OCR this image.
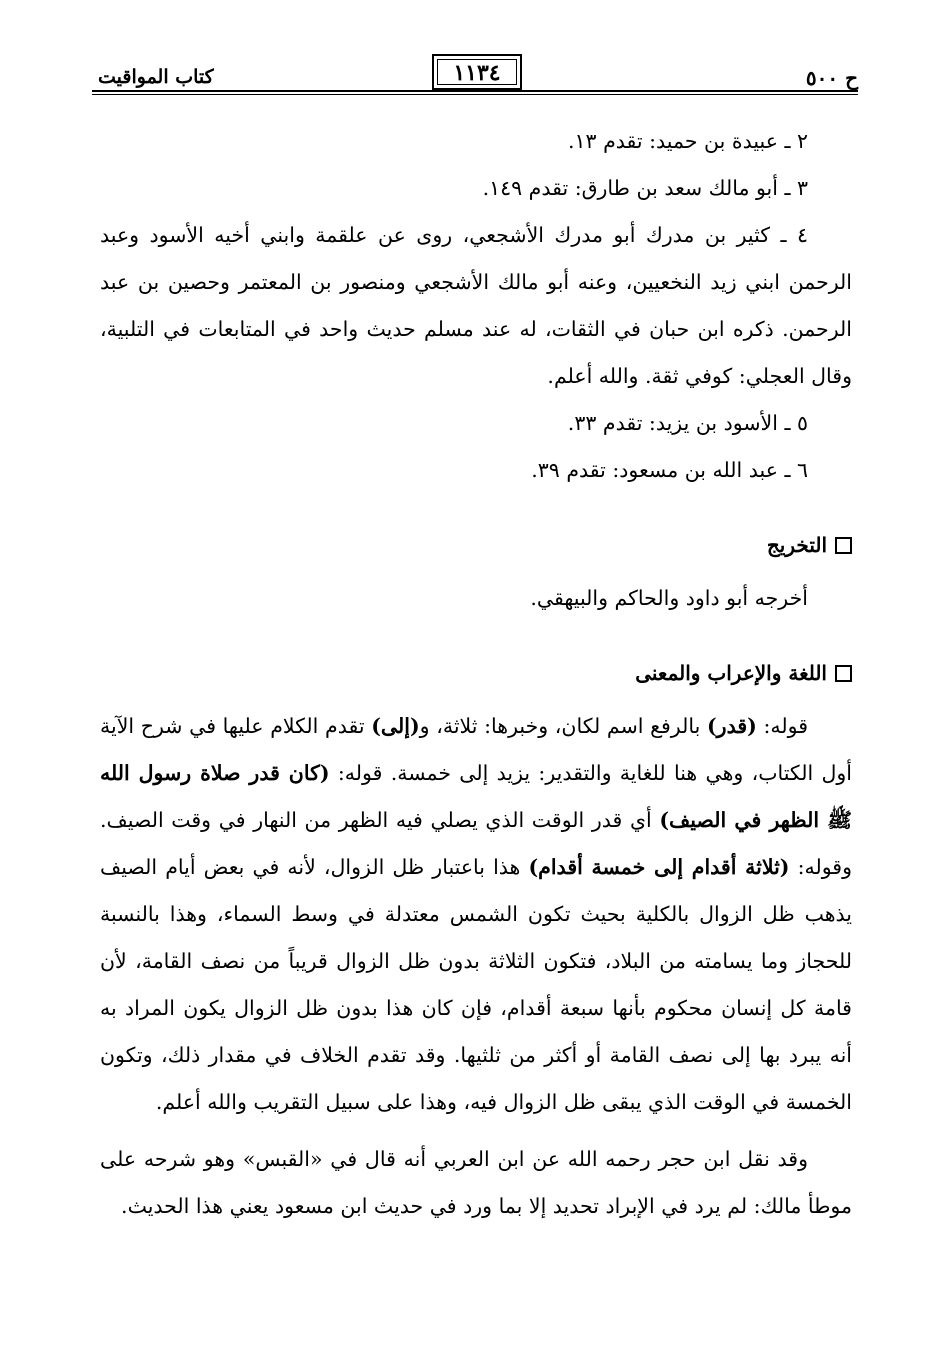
ح ٥٠٠
١١٣٤
كتاب المواقيت

٢ ـ عبيدة بن حميد: تقدم ١٣.

٣ ـ أبو مالك سعد بن طارق: تقدم ١٤٩.

٤ ـ كثير بن مدرك أبو مدرك الأشجعي، روى عن علقمة وابني أخيه الأسود وعبد الرحمن ابني زيد النخعيين، وعنه أبو مالك الأشجعي ومنصور بن المعتمر وحصين بن عبد الرحمن. ذكره ابن حبان في الثقات، له عند مسلم حديث واحد في المتابعات في التلبية، وقال العجلي: كوفي ثقة. والله أعلم.

٥ ـ الأسود بن يزيد: تقدم ٣٣.

٦ ـ عبد الله بن مسعود: تقدم ٣٩.

التخريج

أخرجه أبو داود والحاكم والبيهقي.

اللغة والإعراب والمعنى

قوله: (قدر) بالرفع اسم لكان، وخبرها: ثلاثة، و(إلى) تقدم الكلام عليها في شرح الآية أول الكتاب، وهي هنا للغاية والتقدير: يزيد إلى خمسة. قوله: (كان قدر صلاة رسول الله ﷺ الظهر في الصيف) أي قدر الوقت الذي يصلي فيه الظهر من النهار في وقت الصيف. وقوله: (ثلاثة أقدام إلى خمسة أقدام) هذا باعتبار ظل الزوال، لأنه في بعض أيام الصيف يذهب ظل الزوال بالكلية بحيث تكون الشمس معتدلة في وسط السماء، وهذا بالنسبة للحجاز وما يسامته من البلاد، فتكون الثلاثة بدون ظل الزوال قريباً من نصف القامة، لأن قامة كل إنسان محكوم بأنها سبعة أقدام، فإن كان هذا بدون ظل الزوال يكون المراد به أنه يبرد بها إلى نصف القامة أو أكثر من ثلثيها. وقد تقدم الخلاف في مقدار ذلك، وتكون الخمسة في الوقت الذي يبقى ظل الزوال فيه، وهذا على سبيل التقريب والله أعلم.

وقد نقل ابن حجر رحمه الله عن ابن العربي أنه قال في «القبس» وهو شرحه على موطأ مالك: لم يرد في الإبراد تحديد إلا بما ورد في حديث ابن مسعود يعني هذا الحديث.
